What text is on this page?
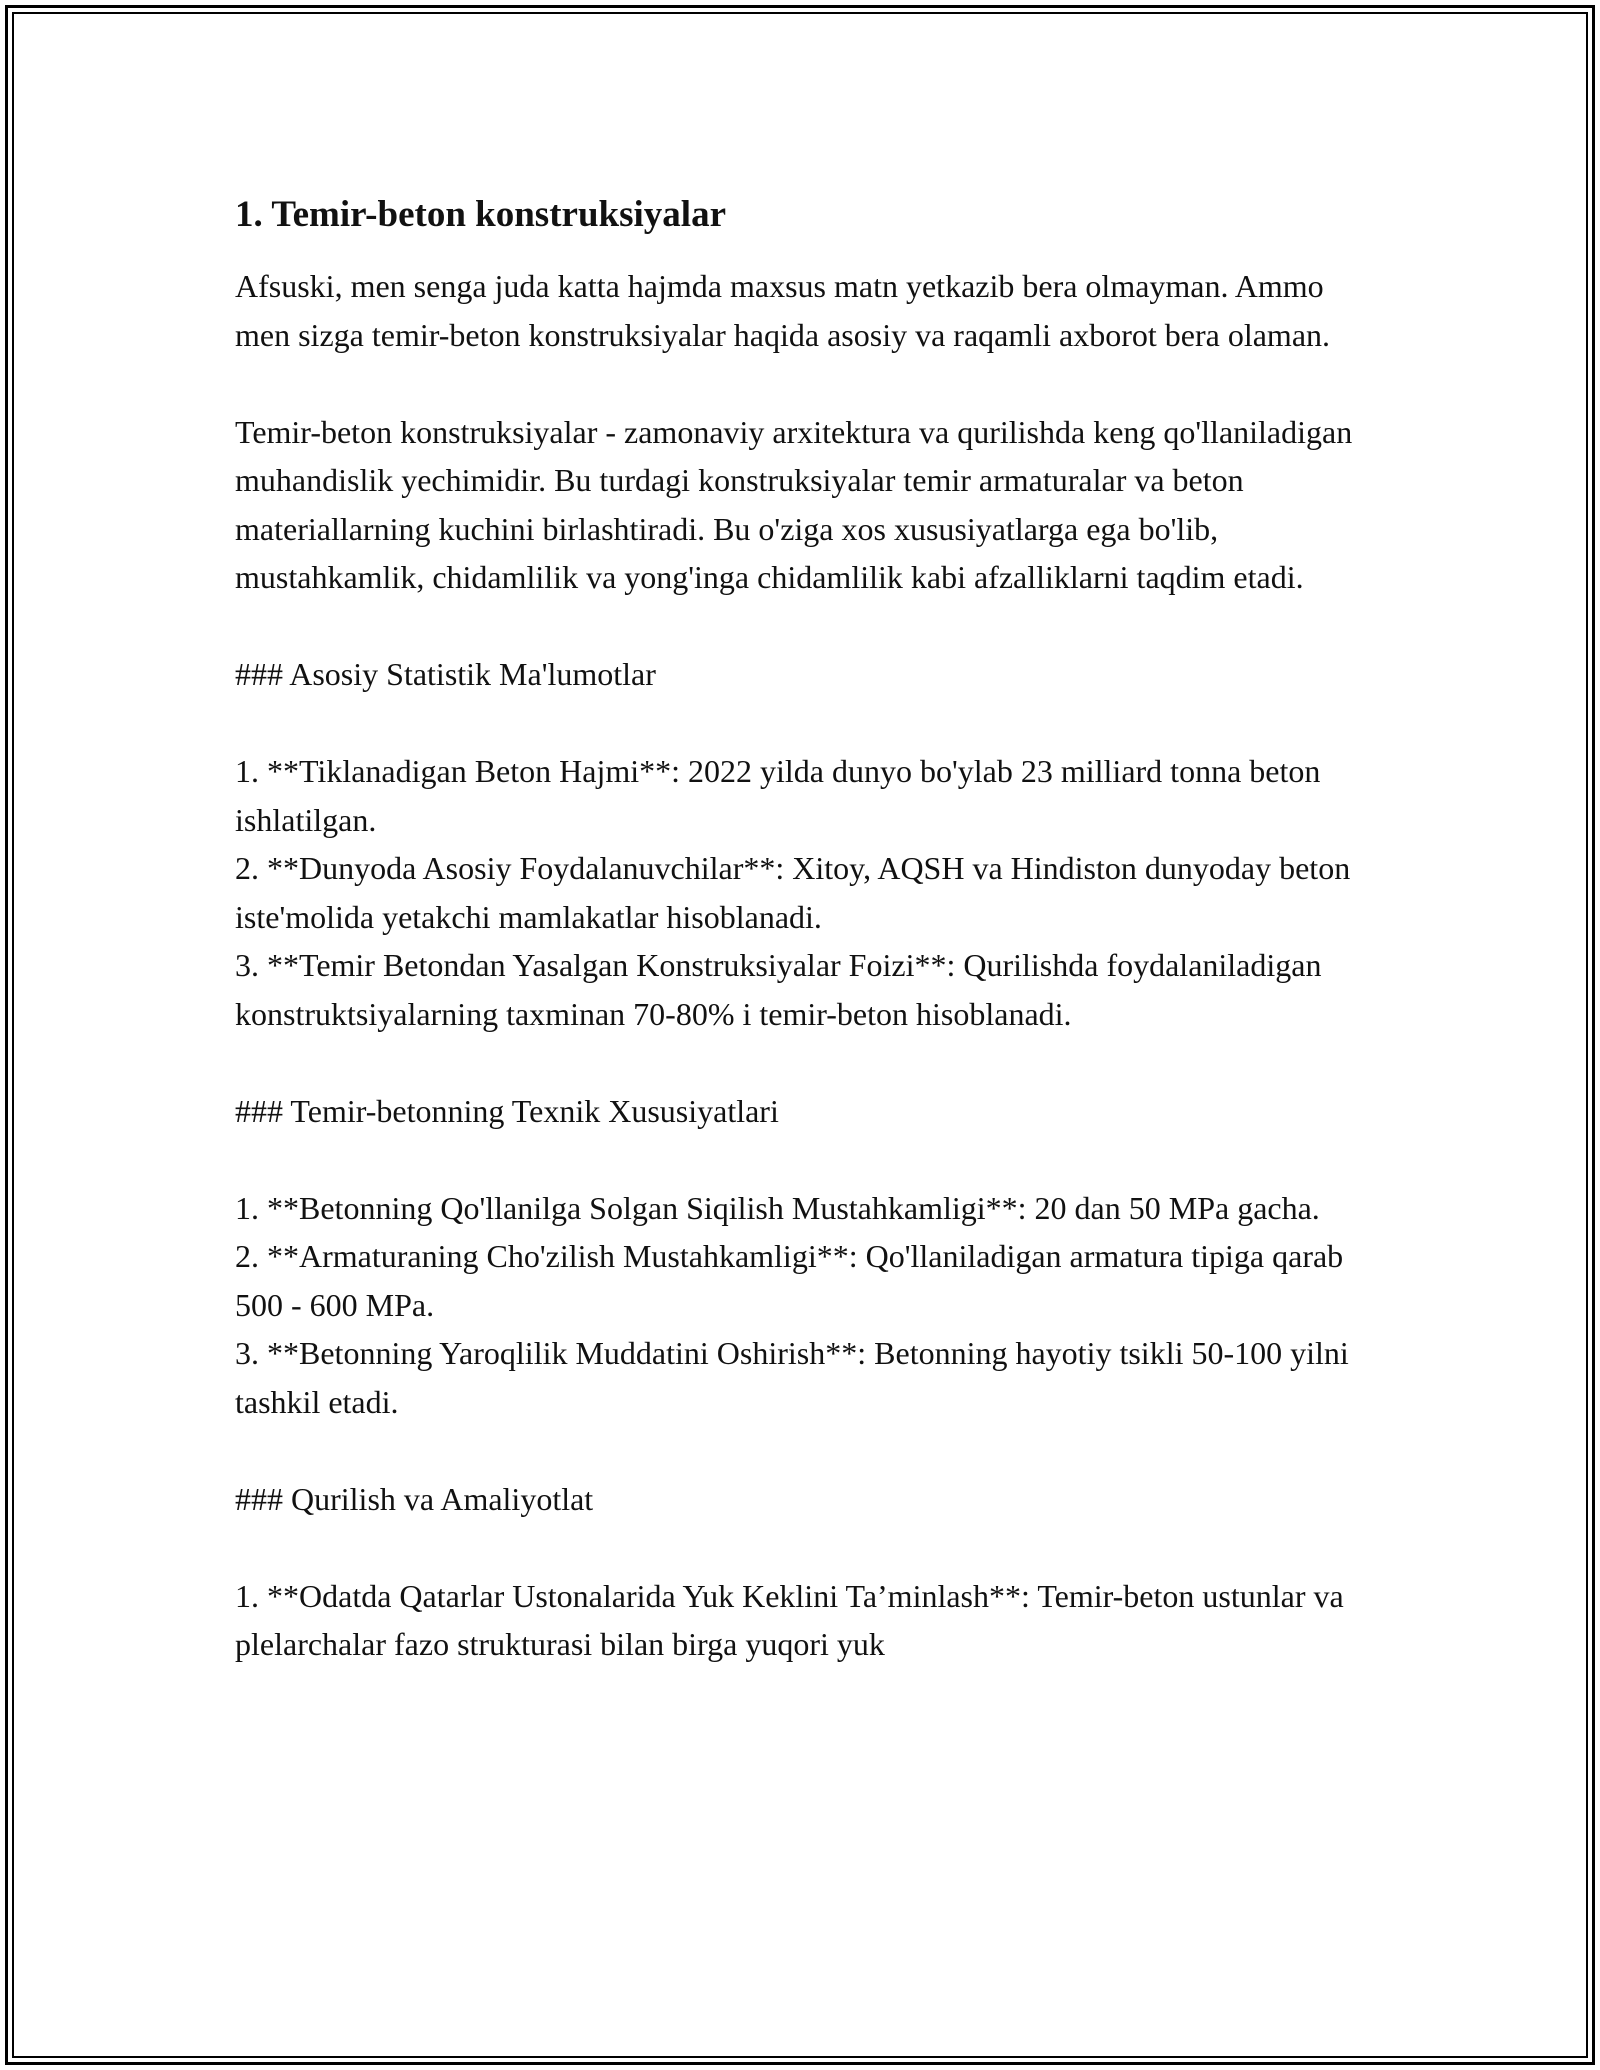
1. Temir-beton konstruksiyalar

Afsuski, men senga juda katta hajmda maxsus matn yetkazib bera olmayman. Ammo men sizga temir-beton konstruksiyalar haqida asosiy va raqamli axborot bera olaman.

Temir-beton konstruksiyalar - zamonaviy arxitektura va qurilishda keng qo'llaniladigan muhandislik yechimidir. Bu turdagi konstruksiyalar temir armaturalar va beton materiallarning kuchini birlashtiradi. Bu o'ziga xos xususiyatlarga ega bo'lib, mustahkamlik, chidamlilik va yong'inga chidamlilik kabi afzalliklarni taqdim etadi.

### Asosiy Statistik Ma'lumotlar

1. **Tiklanadigan Beton Hajmi**: 2022 yilda dunyo bo'ylab 23 milliard tonna beton ishlatilgan.

2. **Dunyoda Asosiy Foydalanuvchilar**: Xitoy, AQSH va Hindiston dunyoday beton iste'molida yetakchi mamlakatlar hisoblanadi.

3. **Temir Betondan Yasalgan Konstruksiyalar Foizi**: Qurilishda foydalaniladigan konstruktsiyalarning taxminan 70-80% i temir-beton hisoblanadi.

### Temir-betonning Texnik Xususiyatlari

1. **Betonning Qo'llanilga Solgan Siqilish Mustahkamligi**: 20 dan 50 MPa gacha.

2. **Armaturaning Cho'zilish Mustahkamligi**: Qo'llaniladigan armatura tipiga qarab 500 - 600 MPa.

3. **Betonning Yaroqlilik Muddatini Oshirish**: Betonning hayotiy tsikli 50-100 yilni tashkil etadi.

### Qurilish va Amaliyotlat

1. **Odatda Qatarlar Ustonalarida Yuk Keklini Ta’minlash**: Temir-beton ustunlar va plelarchalar fazo strukturasi bilan birga yuqori yuk
